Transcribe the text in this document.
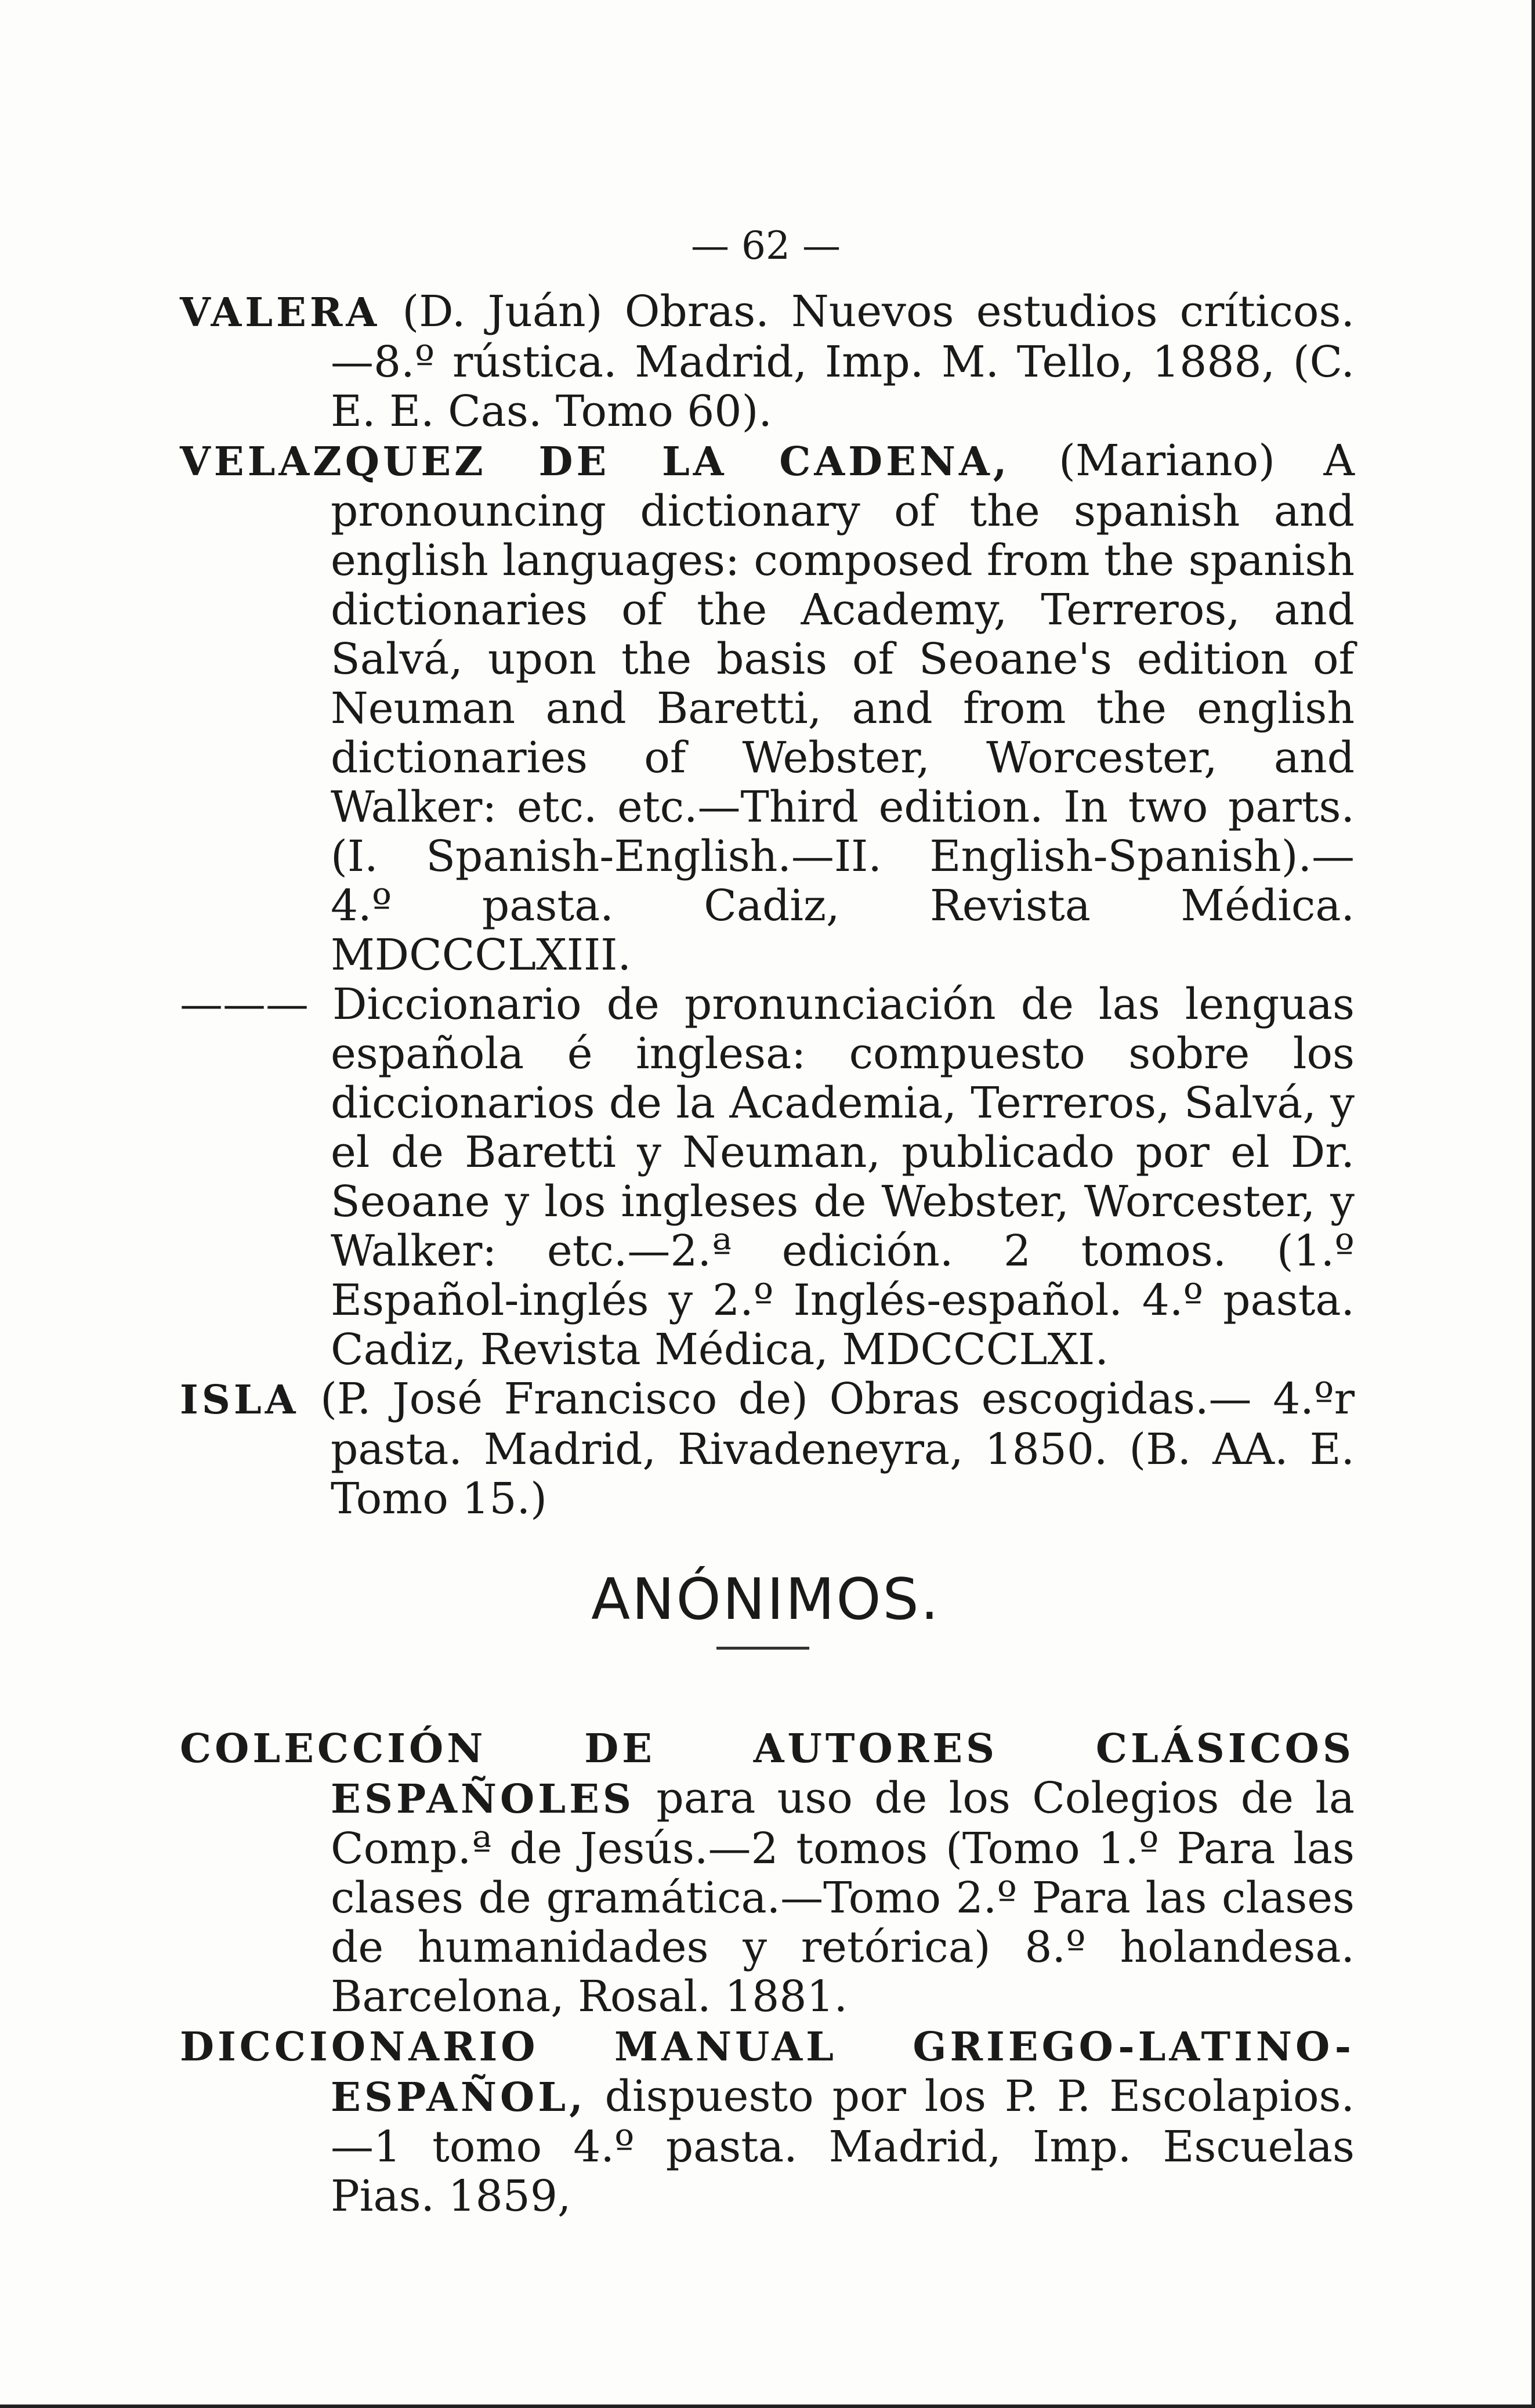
— 62 —

VALERA (D. Juán) Obras. Nuevos estudios críticos. —8.º rústica. Madrid, Imp. M. Tello, 1888, (C. E. E. Cas. Tomo 60).

VELAZQUEZ DE LA CADENA, (Mariano) A pronouncing dictionary of the spanish and english languages: composed from the spanish dictionaries of the Academy, Terreros, and Salvá, upon the basis of Seoane's edition of Neuman and Baretti, and from the english dictionaries of Webster, Worcester, and Walker: etc. etc.—Third edition. In two parts. (I. Spanish-English.—II. English-Spanish).— 4.º pasta. Cadiz, Revista Médica. MDCCCLXIII.

——— Diccionario de pronunciación de las lenguas española é inglesa: compuesto sobre los diccionarios de la Academia, Terreros, Salvá, y el de Baretti y Neuman, publicado por el Dr. Seoane y los ingleses de Webster, Worcester, y Walker: etc.—2.ª edición. 2 tomos. (1.º Español-inglés y 2.º Inglés-español. 4.º pasta. Cadiz, Revista Médica, MDCCCLXI.

ISLA (P. José Francisco de) Obras escogidas.— 4.ºr pasta. Madrid, Rivadeneyra, 1850. (B. AA. E. Tomo 15.)

ANÓNIMOS.

COLECCIÓN DE AUTORES CLÁSICOS ESPAÑOLES para uso de los Colegios de la Comp.ª de Jesús.—2 tomos (Tomo 1.º Para las clases de gramática.—Tomo 2.º Para las clases de humanidades y retórica) 8.º holandesa. Barcelona, Rosal. 1881.

DICCIONARIO MANUAL GRIEGO-LATINO-ESPAÑOL, dispuesto por los P. P. Escolapios.—1 tomo 4.º pasta. Madrid, Imp. Escuelas Pias. 1859,
